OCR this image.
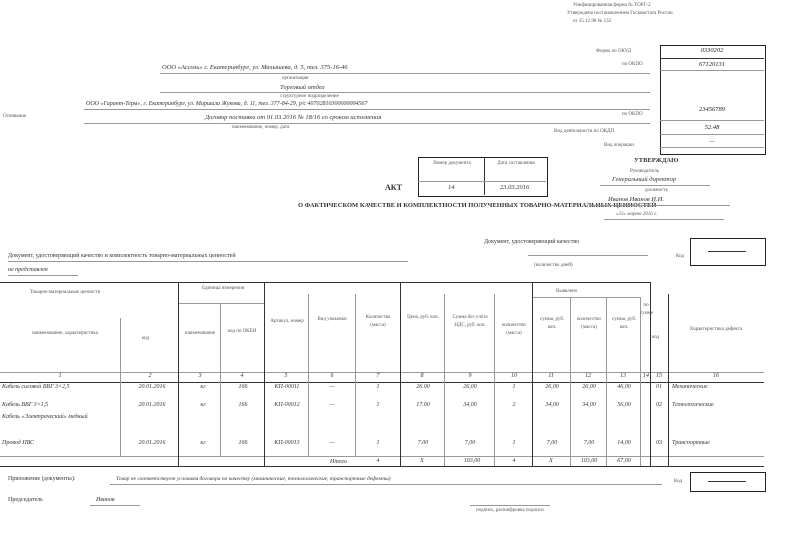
Унифицированная форма № ТОРГ-2
Утверждена постановлением Госкомстата России
от 25.12.98 № 132
Форма по ОКУД
по ОКПО
по ОКПО
Вид деятельности по ОКДП
Вид операции
0330202
67120131
23456789
52.48
—
ООО «Ассоль» г. Екатеринбург, ул. Малышева, д. 5, тел. 375-16-46
организация
Торговый отдел
структурное подразделение
ООО «Гарант-Терм», г. Екатеринбург, ул. Маршала Жукова, д. 11, тел. 377-84-29, р/с 40702810300000004567
Основание	Договор поставки от 01.03.2016 № 18/16 со сроком исполнения
наименование, номер, дата
Номер документа	Дата составления
14	23.03.2016
АКТ
О ФАКТИЧЕСКОМ КАЧЕСТВЕ И КОМПЛЕКТНОСТИ ПОЛУЧЕННЫХ ТОВАРНО-МАТЕРИАЛЬНЫХ ЦЕННОСТЕЙ
УТВЕРЖДАЮ
Руководитель
Генеральный директор
должность
Иванов Иванов И.И.
«23» марта 2016 г.
Документ, удостоверяющий качество и комплектность товарно-материальных ценностей
не представлен
Документ, удостоверяющий качество
(количество дней)
Код
Товарно-материальные ценности
Единица измерения
Выявлено
наименование, характеристика
код
наименование	код по ОКЕИ
Артикул, номер	Вид упаковки	Количество (масса)
Цена, руб. коп.	Сумма без учёта НДС, руб. коп.	количество (масса)
сумма, руб. коп.
количество (масса)
сумма, руб. коп.
по сумме
код
Характеристика дефекта
1	2	3	4	5	6	7	8	9	10	11	12	13	14	15	16
Кабель силовой ВВГ 3×2,5	20.01.2016	кг	166	КП-00011	—	1	26.00	26,00	1	26,00	26,00	46,00	01	Механические
Кабель ВВГ 3×1,5	20.01.2016	кг	166	КП-00012	—	1	17.00	34,00	2	34,00	34,00	56,00	02	Технологические
Кабель «Электрический» медный
Провод ПВС	20.01.2016	кг	166	КП-00013	—	1	7.00	7,00	1	7,00	7,00	14,00	03	Транспортные
Итого	4	Х	103,00	4	Х	103,00	67,00
Приложение (документы):	Товар не соответствует условиям договора по качеству (механические, технологические, транспортные дефекты)	Код
Председатель	Иванов
подпись, расшифровка подписи
